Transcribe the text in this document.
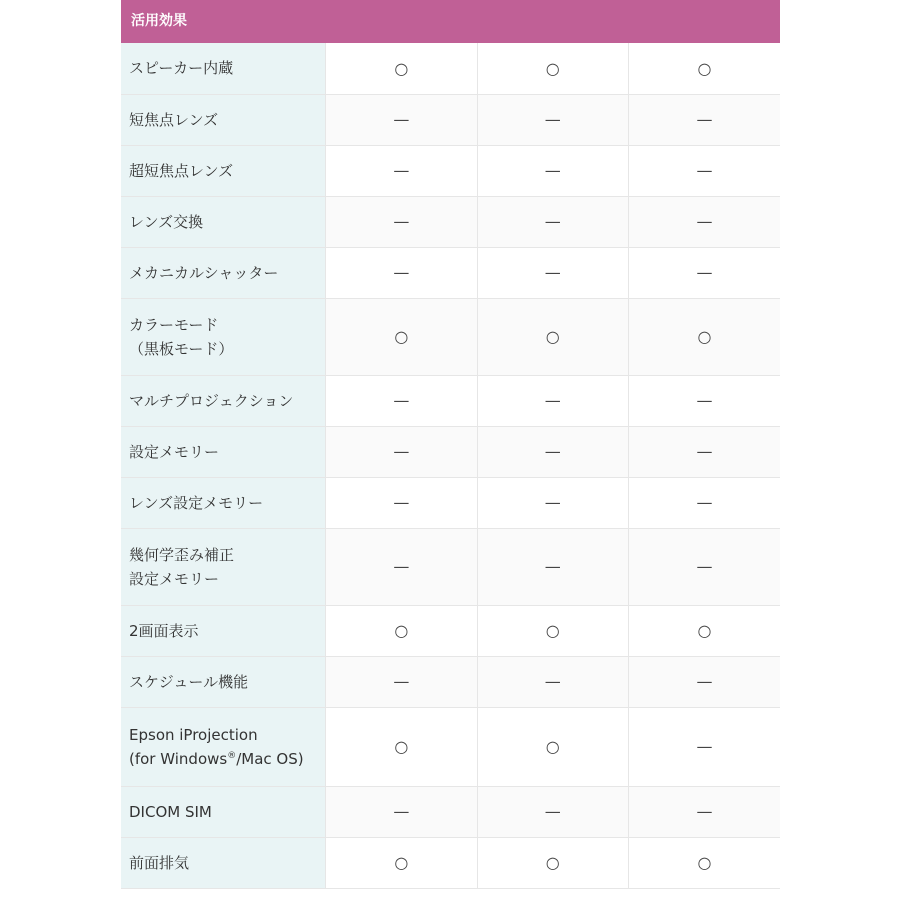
活用効果
スピーカー内蔵	○	○	○
短焦点レンズ	—	—	—
超短焦点レンズ	—	—	—
レンズ交換	—	—	—
メカニカルシャッター	—	—	—

カラーモード
（黒板モード）	○	○	○
マルチプロジェクション	—	—	—
設定メモリー	—	—	—
レンズ設定メモリー	—	—	—

幾何学歪み補正
設定メモリー	—	—	—
2画面表示	○	○	○
スケジュール機能	—	—	—

Epson iProjection
(for Windows®/Mac OS)	○	○	—
DICOM SIM	—	—	—
前面排気	○	○	○
